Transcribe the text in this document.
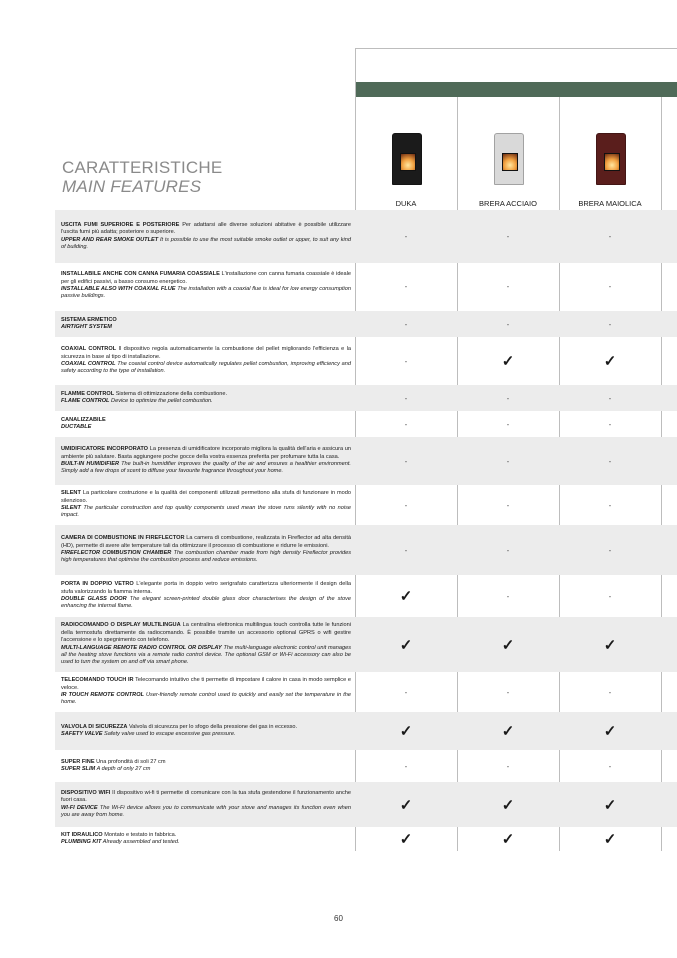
CARATTERISTICHE
MAIN FEATURES
DUKA	BRERA ACCIAIO	BRERA MAIOLICA
USCITA FUMI SUPERIORE E POSTERIORE Per adattarsi alle diverse soluzioni abitative è possibile utilizzare l'uscita fumi più adatta; posteriore o superiore.
UPPER AND REAR SMOKE OUTLET It is possible to use the most suitable smoke outlet or upper, to suit any kind of building.
-	-	-
INSTALLABILE ANCHE CON CANNA FUMARIA COASSIALE L'installazione con canna fumaria coassiale è ideale per gli edifici passivi, a basso consumo energetico.
INSTALLABLE ALSO WITH COAXIAL FLUE The installation with a coaxial flue is ideal for low energy consumption passive buildings.
-	-	-
SISTEMA ERMETICO
AIRTIGHT SYSTEM	-	-	-
COAXIAL CONTROL Il dispositivo regola automaticamente la combustione del pellet migliorando l'efficienza e la sicurezza in base al tipo di installazione.
COAXIAL CONTROL The coaxial control device automatically regulates pellet combustion, improving efficiency and safety according to the type of installation.
-	✓	✓
FLAMME CONTROL Sistema di ottimizzazione della combustione.
FLAME CONTROL Device to optimize the pellet combustion.	-	-	-
CANALIZZABILE
DUCTABLE	-	-	-
UMIDIFICATORE INCORPORATO La presenza di umidificatore incorporato migliora la qualità dell'aria e assicura un ambiente più salutare. Basta aggiungere poche gocce della vostra essenza preferita per profumare tutta la casa.
BUILT-IN HUMIDIFIER The built-in humidifier improves the quality of the air and ensures a healthier environment. Simply add a few drops of scent to diffuse your favourite fragrance throughout your home.
-	-	-
SILENT La particolare costruzione e la qualità dei componenti utilizzati permettono alla stufa di funzionare in modo silenzioso.
SILENT The particular construction and top quality components used mean the stove runs silently with no noise impact.
-	-	-
CAMERA DI COMBUSTIONE IN FIREFLECTOR La camera di combustione, realizzata in Fireflector ad alta densità (HD), permette di avere alte temperature tali da ottimizzare il processo di combustione e ridurre le emissioni.
FIREFLECTOR COMBUSTION CHAMBER The combustion chamber made from high density Fireflector provides high temperatures that optimise the combustion process and reduce emissions.
-	-	-
PORTA IN DOPPIO VETRO L'elegante porta in doppio vetro serigrafato caratterizza ulteriormente il design della stufa valorizzando la fiamma interna.
DOUBLE GLASS DOOR The elegant screen-printed double glass door characterises the design of the stove enhancing the internal flame.
✓	-	-
RADIOCOMANDO O DISPLAY MULTILINGUA La centralina elettronica multilingua touch controlla tutte le funzioni della termostufa direttamente da radiocomando. È possibile tramite un accessorio optional GPRS o wifi gestire l'accensione e lo spegnimento con telefono.
MULTI-LANGUAGE REMOTE RADIO CONTROL OR DISPLAY The multi-language electronic control unit manages all the heating stove functions via a remote radio control device. The optional GSM or Wi-Fi accessory can also be used to turn the system on and off via smart phone.
✓	✓	✓
TELECOMANDO TOUCH IR Telecomando intuitivo che ti permette di impostare il calore in casa in modo semplice e veloce.
IR TOUCH REMOTE CONTROL User-friendly remote control used to quickly and easily set the temperature in the home.
-	-	-
VALVOLA DI SICUREZZA Valvola di sicurezza per lo sfogo della pressione dei gas in eccesso.
SAFETY VALVE Safety valve used to escape excessive gas pressure.	✓	✓	✓
SUPER FINE Una profondità di soli 27 cm
SUPER SLIM A depth of only 27 cm	-	-	-
DISPOSITIVO WIFI Il dispositivo wi-fi ti permette di comunicare con la tua stufa gestendone il funzionamento anche fuori casa.
WI-FI DEVICE The Wi-Fi device allows you to communicate with your stove and manages its function even when you are away from home.
✓	✓	✓
KIT IDRAULICO Montato e testato in fabbrica.
PLUMBING KIT Already assembled and tested.	✓	✓	✓
60
